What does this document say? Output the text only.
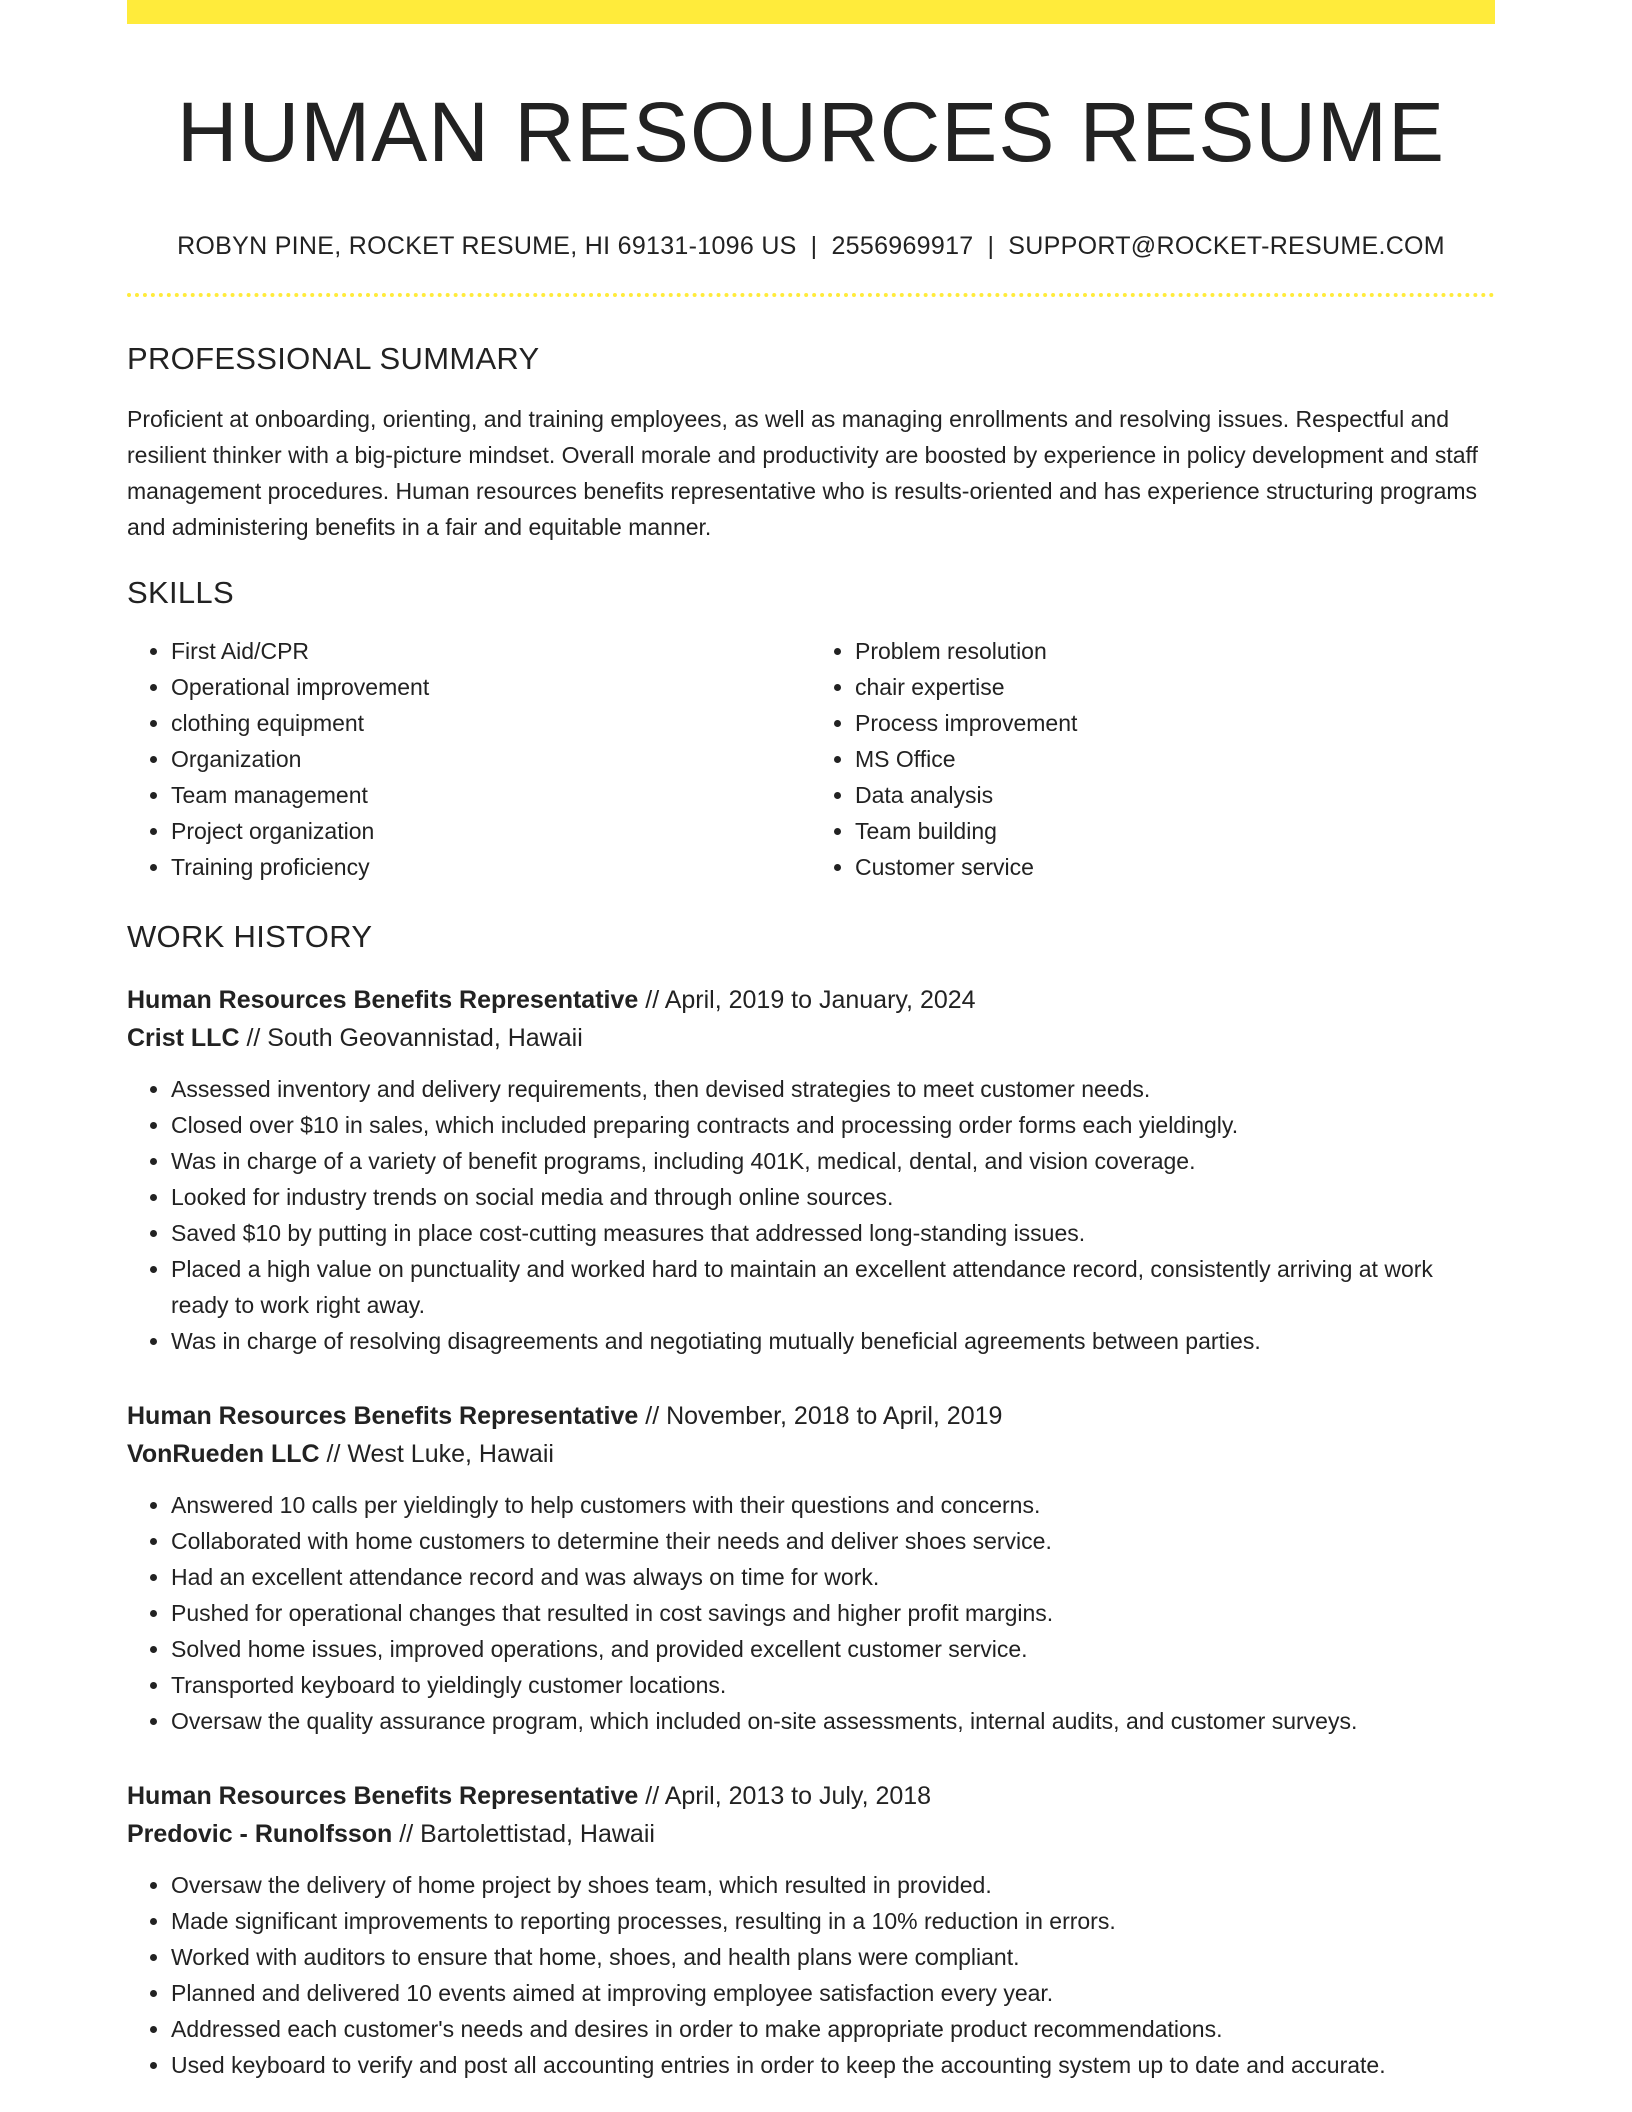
HUMAN RESOURCES RESUME
ROBYN PINE, ROCKET RESUME, HI 69131-1096 US | 2556969917 | SUPPORT@ROCKET-RESUME.COM
PROFESSIONAL SUMMARY

Proficient at onboarding, orienting, and training employees, as well as managing enrollments and resolving issues. Respectful and resilient thinker with a big-picture mindset. Overall morale and productivity are boosted by experience in policy development and staff management procedures. Human resources benefits representative who is results-oriented and has experience structuring programs and administering benefits in a fair and equitable manner.

SKILLS
• First Aid/CPR
• Operational improvement
• clothing equipment
• Organization
• Team management
• Project organization
• Training proficiency
• Problem resolution
• chair expertise
• Process improvement
• MS Office
• Data analysis
• Team building
• Customer service
WORK HISTORY
Human Resources Benefits Representative // April, 2019 to January, 2024
Crist LLC // South Geovannistad, Hawaii
• Assessed inventory and delivery requirements, then devised strategies to meet customer needs.
• Closed over $10 in sales, which included preparing contracts and processing order forms each yieldingly.
• Was in charge of a variety of benefit programs, including 401K, medical, dental, and vision coverage.
• Looked for industry trends on social media and through online sources.
• Saved $10 by putting in place cost-cutting measures that addressed long-standing issues.
• Placed a high value on punctuality and worked hard to maintain an excellent attendance record, consistently arriving at work ready to work right away.
• Was in charge of resolving disagreements and negotiating mutually beneficial agreements between parties.
Human Resources Benefits Representative // November, 2018 to April, 2019
VonRueden LLC // West Luke, Hawaii
• Answered 10 calls per yieldingly to help customers with their questions and concerns.
• Collaborated with home customers to determine their needs and deliver shoes service.
• Had an excellent attendance record and was always on time for work.
• Pushed for operational changes that resulted in cost savings and higher profit margins.
• Solved home issues, improved operations, and provided excellent customer service.
• Transported keyboard to yieldingly customer locations.
• Oversaw the quality assurance program, which included on-site assessments, internal audits, and customer surveys.
Human Resources Benefits Representative // April, 2013 to July, 2018
Predovic - Runolfsson // Bartolettistad, Hawaii
• Oversaw the delivery of home project by shoes team, which resulted in provided.
• Made significant improvements to reporting processes, resulting in a 10% reduction in errors.
• Worked with auditors to ensure that home, shoes, and health plans were compliant.
• Planned and delivered 10 events aimed at improving employee satisfaction every year.
• Addressed each customer's needs and desires in order to make appropriate product recommendations.
• Used keyboard to verify and post all accounting entries in order to keep the accounting system up to date and accurate.
